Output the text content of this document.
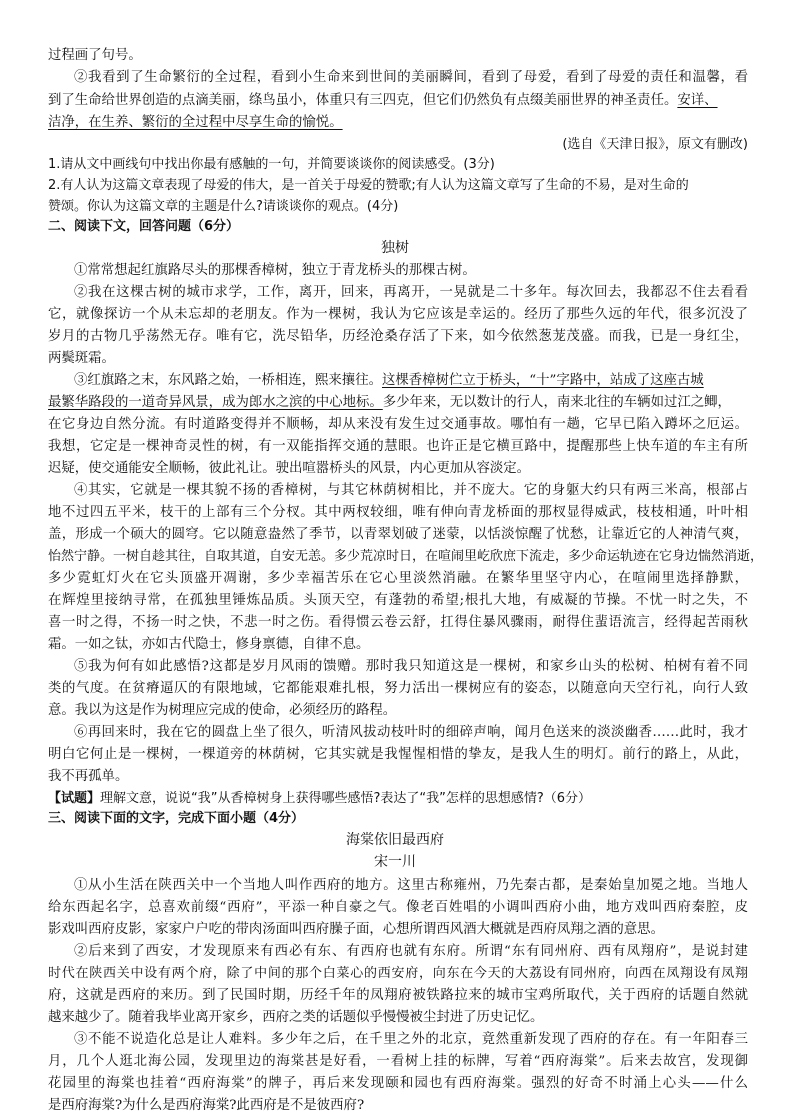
过程画了句号。
②我看到了生命繁衍的全过程，看到小生命来到世间的美丽瞬间，看到了母爱，看到了母爱的责任和温馨，看
到了生命给世界创造的点滴美丽，绦鸟虽小，体重只有三四克，但它们仍然负有点缀美丽世界的神圣责任。安详、
洁净，在生养、繁衍的全过程中尽享生命的愉悦。
(选自《天津日报》，原文有删改)
1.请从文中画线句中找出你最有感触的一句，并简要谈谈你的阅读感受。(3分)
2.有人认为这篇文章表现了母爱的伟大，是一首关于母爱的赞歌;有人认为这篇文章写了生命的不易，是对生命的
赞颂。你认为这篇文章的主题是什么?请谈谈你的观点。(4分)
二、阅读下文，回答问题（6分）
独树
①常常想起红旗路尽头的那棵香樟树，独立于青龙桥头的那棵古树。
②我在这棵古树的城市求学，工作，离开，回来，再离开，一晃就是二十多年。每次回去，我都忍不住去看看
它，就像探访一个从未忘却的老朋友。作为一棵树，我认为它应该是幸运的。经历了那些久远的年代，很多沉没了
岁月的古物几乎荡然无存。唯有它，洗尽铅华，历经沧桑存活了下来，如今依然葱茏茂盛。而我，已是一身红尘，
两鬓斑霜。
③红旗路之末，东风路之始，一桥相连，熙来攘往。这棵香樟树伫立于桥头，“十”字路中，站成了这座古城
最繁华路段的一道奇异风景，成为郎水之滨的中心地标。多少年来，无以数计的行人，南来北往的车辆如过江之鲫，
在它身边自然分流。有时道路变得并不顺畅，却从来没有发生过交通事故。哪怕有一趟，它早已陷入蹲坏之厄运。
我想，它定是一棵神奇灵性的树，有一双能指挥交通的慧眼。也许正是它横亘路中，提醒那些上快车道的车主有所
迟疑，使交通能安全顺畅，彼此礼让。驶出喧嚣桥头的风景，内心更加从容淡定。
④其实，它就是一棵其貌不扬的香樟树，与其它林荫树相比，并不庞大。它的身躯大约只有两三米高，根部占
地不过四五平米，枝干的上部有三个分杈。其中两杈较细，唯有伸向青龙桥面的那杈显得威武，枝枝相通，叶叶相
盖，形成一个硕大的圆穹。它以随意盎然了季节，以青翠划破了迷蒙，以恬淡惊醒了忧愁，让靠近它的人神清气爽，
怡然宁静。一树自趁其往，自取其道，自安无恙。多少荒凉时日，在喧闹里屹欣庶下流走，多少命运轨迹在它身边惴然消逝，
多少霓虹灯火在它头顶盛开凋谢，多少幸福苦乐在它心里淡然消融。在繁华里坚守内心，在喧闹里选择静默，
在辉煌里接纳寻常，在孤独里锤炼品质。头顶天空，有蓬勃的希望;根扎大地，有威凝的节操。不忧一时之失，不
喜一时之得，不扬一时之快，不悲一时之伤。看得惯云卷云舒，扛得住暴风骤雨，耐得住蜚语流言，经得起苦雨秋
霜。一如之钛，亦如古代隐士，修身禀德，自律不息。
⑤我为何有如此感悟?这都是岁月风雨的馈赠。那时我只知道这是一棵树，和家乡山头的松树、柏树有着不同
类的气度。在贫瘠逼仄的有限地域，它都能艰难扎根，努力活出一棵树应有的姿态，以随意向天空行礼，向行人致
意。我以为这是作为树理应完成的使命，必须经历的路程。
⑥再回来时，我在它的圆盘上坐了很久，听清风拔动枝叶时的细碎声响，闻月色送来的淡淡幽香……此时，我才
明白它何止是一棵树，一棵道旁的林荫树，它其实就是我惺惺相惜的挚友，是我人生的明灯。前行的路上，从此，
我不再孤单。
【试题】理解文意，说说“我”从香樟树身上获得哪些感悟?表达了“我”怎样的思想感情?（6分）
三、阅读下面的文字，完成下面小题（4分）
海棠依旧最西府
宋一川
①从小生活在陕西关中一个当地人叫作西府的地方。这里古称雍州，乃先秦古都，是秦始皇加冕之地。当地人
给东西起名字，总喜欢前缀“西府”，平添一种自豪之气。像老百姓唱的小调叫西府小曲，地方戏叫西府秦腔，皮
影戏叫西府皮影，家家户户吃的带肉汤面叫西府臊子面，心想所谓西风酒大概就是西府凤翔之酒的意思。
②后来到了西安，才发现原来有西必有东、有西府也就有东府。所谓“东有同州府、西有凤翔府”，是说封建
时代在陕西关中设有两个府，除了中间的那个白菜心的西安府，向东在今天的大荔设有同州府，向西在凤翔设有凤翔
府，这就是西府的来历。到了民国时期，历经千年的凤翔府被铁路拉来的城市宝鸡所取代，关于西府的话题自然就
越来越少了。随着我毕业离开家乡，西府之类的话题似乎慢慢被尘封进了历史记忆。
③不能不说造化总是让人难料。多少年之后，在千里之外的北京，竟然重新发现了西府的存在。有一年阳春三
月，几个人逛北海公园，发现里边的海棠甚是好看，一看树上挂的标牌，写着“西府海棠”。后来去故宫，发现御
花园里的海棠也挂着“西府海棠”的牌子，再后来发现颐和园也有西府海棠。强烈的好奇不时涌上心头——什么
是西府海棠?为什么是西府海棠?此西府是不是彼西府?
